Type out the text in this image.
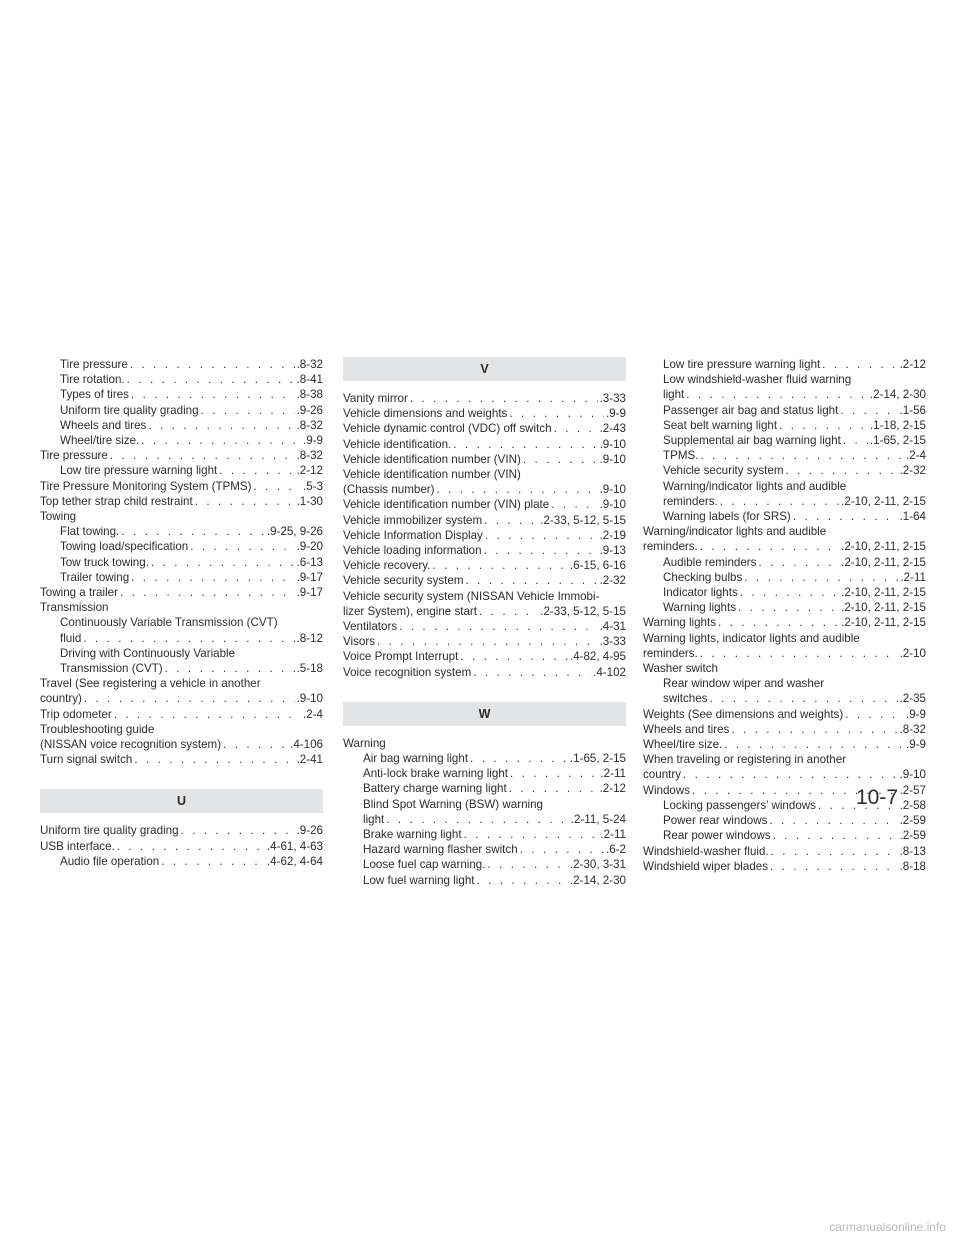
Tire pressure . . .	.8-32
Tire rotation. . . .	.8-41
Types of tires . . .	.8-38
Uniform tire quality grading . . .	.9-26
Wheels and tires . . .	.8-32
Wheel/tire size. . . .	.9-9
Tire pressure . . .	.8-32
Low tire pressure warning light . . .	.2-12
Tire Pressure Monitoring System (TPMS) . . .	.5-3
Top tether strap child restraint . . .	.1-30
Towing
Flat towing. . . .	.9-25, 9-26
Towing load/specification . . .	.9-20
Tow truck towing. . . .	.6-13
Trailer towing . . .	.9-17
Towing a trailer . . .	.9-17
Transmission
Continuously Variable Transmission (CVT)
fluid . . .	.8-12
Driving with Continuously Variable
Transmission (CVT) . . .	.5-18
Travel (See registering a vehicle in another
country) . . .	.9-10
Trip odometer . . .	.2-4
Troubleshooting guide
(NISSAN voice recognition system) . . .	.4-106
Turn signal switch . . .	.2-41
U
Uniform tire quality grading . . .	.9-26
USB interface. . . .	.4-61, 4-63
Audio file operation . . .	.4-62, 4-64
V
Vanity mirror . . .	.3-33
Vehicle dimensions and weights . . .	.9-9
Vehicle dynamic control (VDC) off switch . . .	.2-43
Vehicle identification. . . .	.9-10
Vehicle identification number (VIN) . . .	.9-10
Vehicle identification number (VIN)
(Chassis number) . . .	.9-10
Vehicle identification number (VIN) plate . . .	.9-10
Vehicle immobilizer system . . .	.2-33, 5-12, 5-15
Vehicle Information Display . . .	.2-19
Vehicle loading information . . .	.9-13
Vehicle recovery. . . .	.6-15, 6-16
Vehicle security system . . .	.2-32
Vehicle security system (NISSAN Vehicle Immobi-
lizer System), engine start . . .	.2-33, 5-12, 5-15
Ventilators . . .	.4-31
Visors . . .	.3-33
Voice Prompt Interrupt . . .	.4-82, 4-95
Voice recognition system . . .	.4-102
W
Warning
Air bag warning light . . .	.1-65, 2-15
Anti-lock brake warning light . . .	.2-11
Battery charge warning light . . .	.2-12
Blind Spot Warning (BSW) warning
light . . .	.2-11, 5-24
Brake warning light . . .	.2-11
Hazard warning flasher switch . . .	.6-2
Loose fuel cap warning. . . .	.2-30, 3-31
Low fuel warning light . . .	.2-14, 2-30
Low tire pressure warning light . . .	.2-12
Low windshield-washer fluid warning
light . . .	.2-14, 2-30
Passenger air bag and status light . . .	.1-56
Seat belt warning light . . .	.1-18, 2-15
Supplemental air bag warning light . . .	.1-65, 2-15
TPMS. . . .	.2-4
Vehicle security system . . .	.2-32
Warning/indicator lights and audible
reminders. . . .	.2-10, 2-11, 2-15
Warning labels (for SRS) . . .	.1-64
Warning/indicator lights and audible
reminders. . . .	.2-10, 2-11, 2-15
Audible reminders . . .	.2-10, 2-11, 2-15
Checking bulbs . . .	.2-11
Indicator lights . . .	.2-10, 2-11, 2-15
Warning lights . . .	.2-10, 2-11, 2-15
Warning lights . . .	.2-10, 2-11, 2-15
Warning lights, indicator lights and audible
reminders. . . .	.2-10
Washer switch
Rear window wiper and washer
switches . . .	.2-35
Weights (See dimensions and weights) . . .	.9-9
Wheels and tires . . .	.8-32
Wheel/tire size. . . .	.9-9
When traveling or registering in another
country . . .	.9-10
Windows . . .	.2-57
Locking passengers’ windows . . .	.2-58
Power rear windows . . .	.2-59
Rear power windows . . .	.2-59
Windshield-washer fluid. . . .	.8-13
Windshield wiper blades . . .	.8-18
10-7
carmanualsonline.info
